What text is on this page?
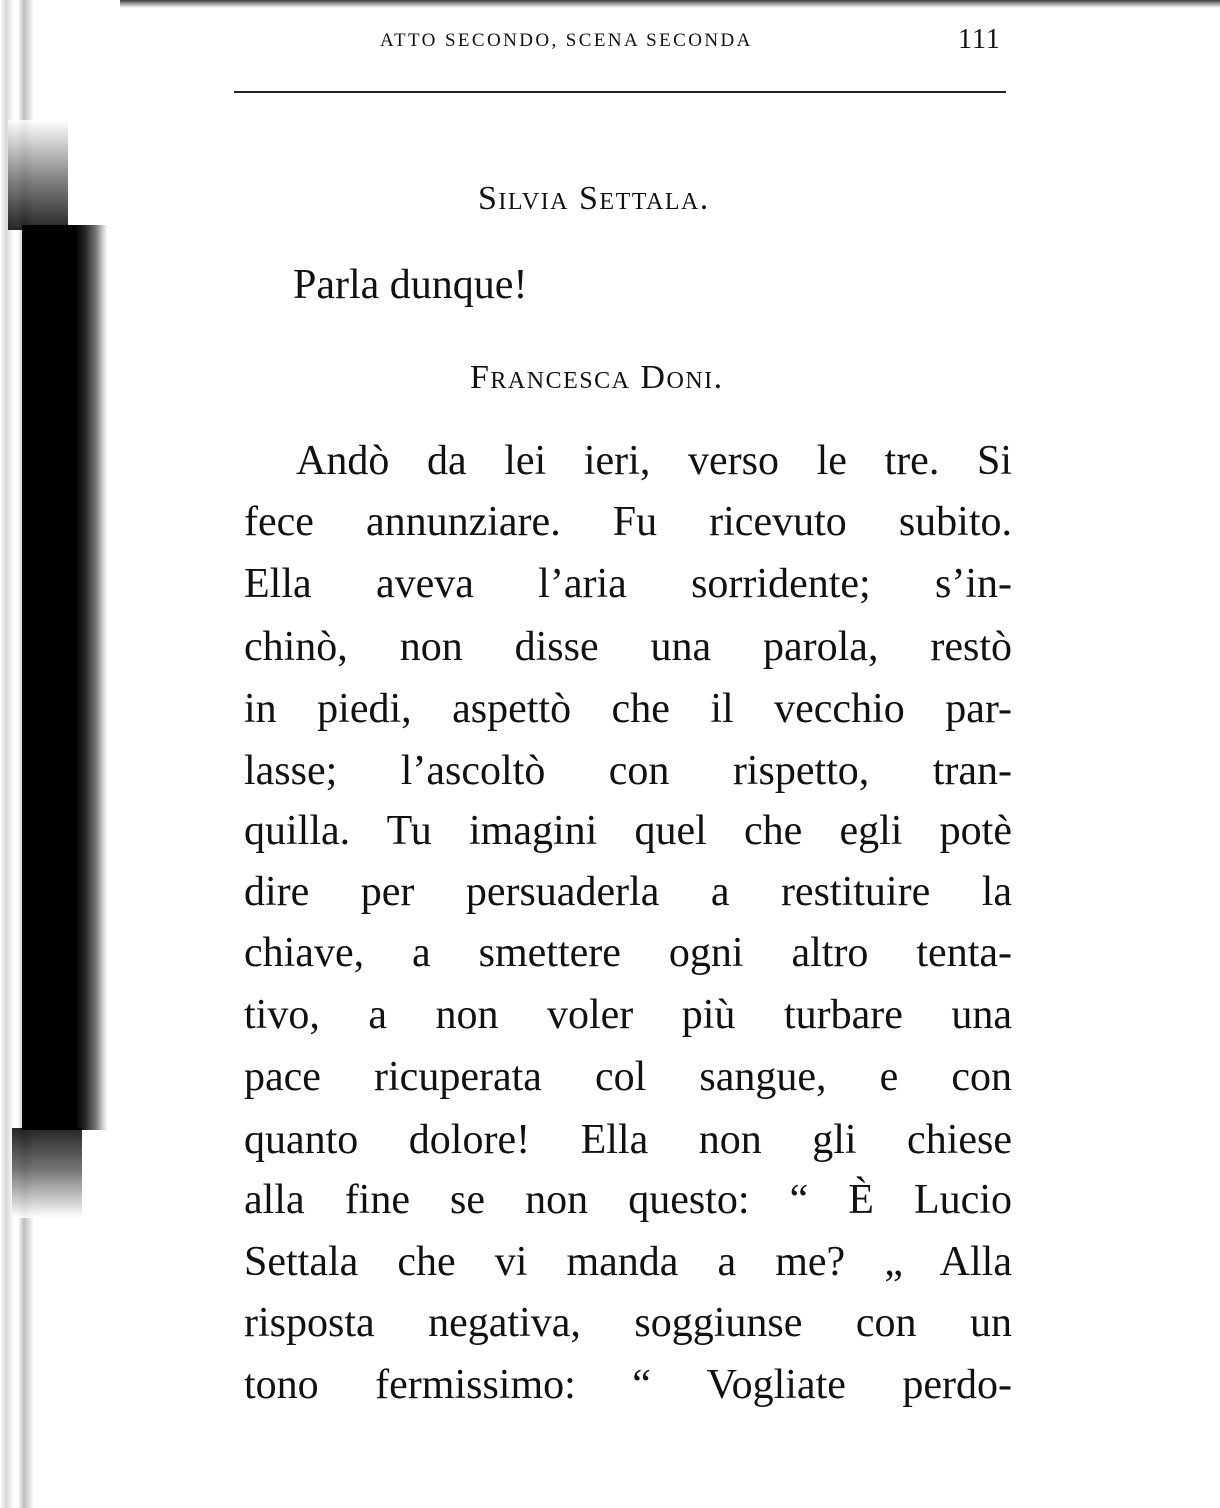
ATTO SECONDO, SCENA SECONDA	111
Silvia Settala.
Parla dunque!
Francesca Doni.
Andò da lei ieri, verso le tre. Si
fece annunziare. Fu ricevuto subito.
Ella aveva l’aria sorridente; s’in-
chinò, non disse una parola, restò
in piedi, aspettò che il vecchio par-
lasse; l’ascoltò con rispetto, tran-
quilla. Tu imagini quel che egli potè
dire per persuaderla a restituire la
chiave, a smettere ogni altro tenta-
tivo, a non voler più turbare una
pace ricuperata col sangue, e con
quanto dolore! Ella non gli chiese
alla fine se non questo: “ È Lucio
Settala che vi manda a me? „ Alla
risposta negativa, soggiunse con un
tono fermissimo: “ Vogliate perdo-
